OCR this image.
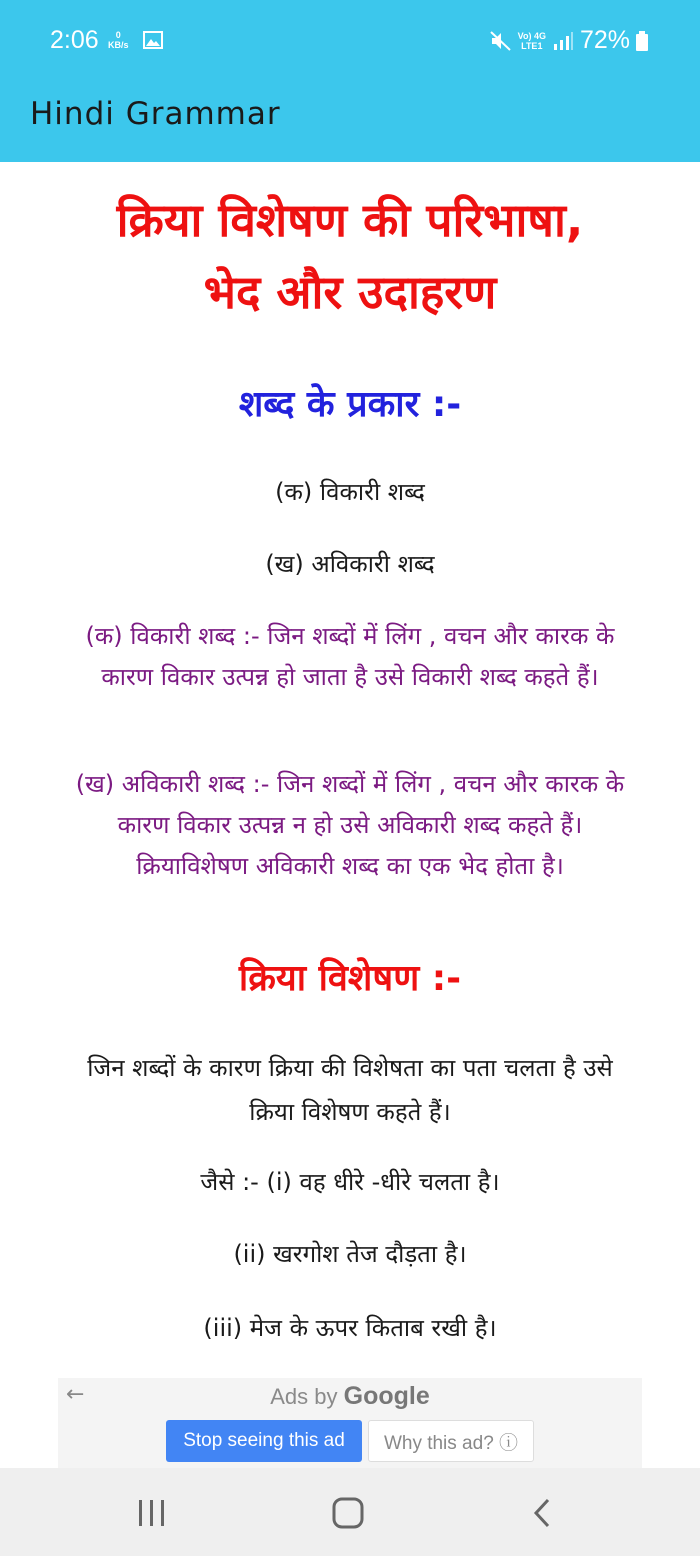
2:06	0
KB/s
Vo) 4G
LTE1 72%
Hindi Grammar

क्रिया विशेषण की परिभाषा,
भेद और उदाहरण

शब्द के प्रकार :-

(क) विकारी शब्द

(ख) अविकारी शब्द

(क) विकारी शब्द :- जिन शब्दों में लिंग , वचन और कारक के
कारण विकार उत्पन्न हो जाता है उसे विकारी शब्द कहते हैं।

(ख) अविकारी शब्द :- जिन शब्दों में लिंग , वचन और कारक के
कारण विकार उत्पन्न न हो उसे अविकारी शब्द कहते हैं।
क्रियाविशेषण अविकारी शब्द का एक भेद होता है।

क्रिया विशेषण :-

जिन शब्दों के कारण क्रिया की विशेषता का पता चलता है उसे
क्रिया विशेषण कहते हैं।

जैसे :- (i) वह धीरे -धीरे चलता है।

(ii) खरगोश तेज दौड़ता है।

(iii) मेज के ऊपर किताब रखी है।

←	Ads by Google
Stop seeing this ad	Why this ad? ⓘ
